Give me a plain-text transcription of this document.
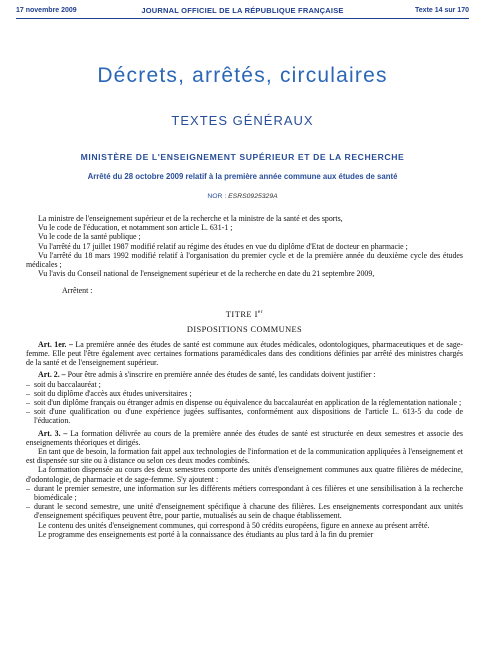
17 novembre 2009	JOURNAL OFFICIEL DE LA RÉPUBLIQUE FRANÇAISE	Texte 14 sur 170
Décrets, arrêtés, circulaires
TEXTES GÉNÉRAUX
MINISTÈRE DE L'ENSEIGNEMENT SUPÉRIEUR ET DE LA RECHERCHE
Arrêté du 28 octobre 2009 relatif à la première année commune aux études de santé
NOR : ESRS0925329A

La ministre de l'enseignement supérieur et de la recherche et la ministre de la santé et des sports,

Vu le code de l'éducation, et notamment son article L. 631-1 ;

Vu le code de la santé publique ;

Vu l'arrêté du 17 juillet 1987 modifié relatif au régime des études en vue du diplôme d'Etat de docteur en pharmacie ;

Vu l'arrêté du 18 mars 1992 modifié relatif à l'organisation du premier cycle et de la première année du deuxième cycle des études médicales ;

Vu l'avis du Conseil national de l'enseignement supérieur et de la recherche en date du 21 septembre 2009,

Arrêtent :

TITRE Ier
DISPOSITIONS COMMUNES

Art. 1er. – La première année des études de santé est commune aux études médicales, odontologiques, pharmaceutiques et de sage-femme. Elle peut l'être également avec certaines formations paramédicales dans des conditions définies par arrêté des ministres chargés de la santé et de l'enseignement supérieur.

Art. 2. – Pour être admis à s'inscrire en première année des études de santé, les candidats doivent justifier :

– soit du baccalauréat ;
– soit du diplôme d'accès aux études universitaires ;
– soit d'un diplôme français ou étranger admis en dispense ou équivalence du baccalauréat en application de la réglementation nationale ;
– soit d'une qualification ou d'une expérience jugées suffisantes, conformément aux dispositions de l'article L. 613-5 du code de l'éducation.

Art. 3. – La formation délivrée au cours de la première année des études de santé est structurée en deux semestres et associe des enseignements théoriques et dirigés.

En tant que de besoin, la formation fait appel aux technologies de l'information et de la communication appliquées à l'enseignement et est dispensée sur site ou à distance ou selon ces deux modes combinés.

La formation dispensée au cours des deux semestres comporte des unités d'enseignement communes aux quatre filières de médecine, d'odontologie, de pharmacie et de sage-femme. S'y ajoutent :

– durant le premier semestre, une information sur les différents métiers correspondant à ces filières et une sensibilisation à la recherche biomédicale ;
– durant le second semestre, une unité d'enseignement spécifique à chacune des filières. Les enseignements correspondant aux unités d'enseignement spécifiques peuvent être, pour partie, mutualisés au sein de chaque établissement.

Le contenu des unités d'enseignement communes, qui correspond à 50 crédits européens, figure en annexe au présent arrêté.

Le programme des enseignements est porté à la connaissance des étudiants au plus tard à la fin du premier
